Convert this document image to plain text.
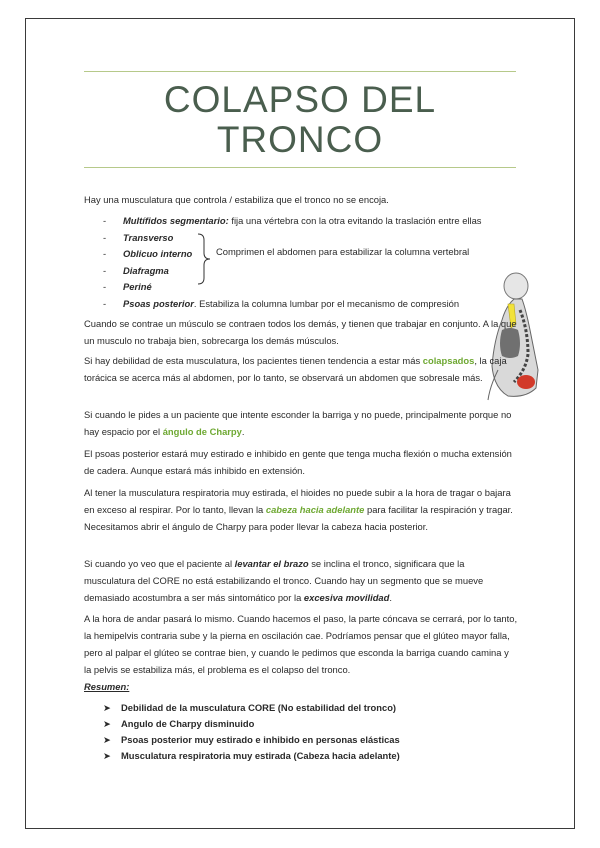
COLAPSO DEL
TRONCO
Hay una musculatura que controla / estabiliza que el tronco no se encoja.
- Multífidos segmentario: fija una vértebra con la otra evitando la traslación entre ellas
- Transverso
- Oblicuo interno
- Diafragma
- Periné
- Psoas posterior. Estabiliza la columna lumbar por el mecanismo de compresión
Comprimen el abdomen para estabilizar la columna vertebral
Cuando se contrae un músculo se contraen todos los demás, y tienen que trabajar en conjunto. A la que un musculo no trabaja bien, sobrecarga los demás músculos.
Si hay debilidad de esta musculatura, los pacientes tienen tendencia a estar más colapsados, la caja torácica se acerca más al abdomen, por lo tanto, se observará un abdomen que sobresale más.
Si cuando le pides a un paciente que intente esconder la barriga y no puede, principalmente porque no hay espacio por el ángulo de Charpy.
El psoas posterior estará muy estirado e inhibido en gente que tenga mucha flexión o mucha extensión de cadera. Aunque estará más inhibido en extensión.
Al tener la musculatura respiratoria muy estirada, el hioides no puede subir a la hora de tragar o bajara en exceso al respirar. Por lo tanto, llevan la cabeza hacia adelante para facilitar la respiración y tragar. Necesitamos abrir el ángulo de Charpy para poder llevar la cabeza hacia posterior.
Si cuando yo veo que el paciente al levantar el brazo se inclina el tronco, significara que la musculatura del CORE no está estabilizando el tronco. Cuando hay un segmento que se mueve demasiado acostumbra a ser más sintomático por la excesiva movilidad.
A la hora de andar pasará lo mismo. Cuando hacemos el paso, la parte cóncava se cerrará, por lo tanto, la hemipelvis contraria sube y la pierna en oscilación cae. Podríamos pensar que el glúteo mayor falla, pero al palpar el glúteo se contrae bien, y cuando le pedimos que esconda la barriga cuando camina y la pelvis se estabiliza más, el problema es el colapso del tronco.
Resumen:
➤ Debilidad de la musculatura CORE (No estabilidad del tronco)
➤ Angulo de Charpy disminuido
➤ Psoas posterior muy estirado e inhibido en personas elásticas
➤ Musculatura respiratoria muy estirada (Cabeza hacia adelante)
